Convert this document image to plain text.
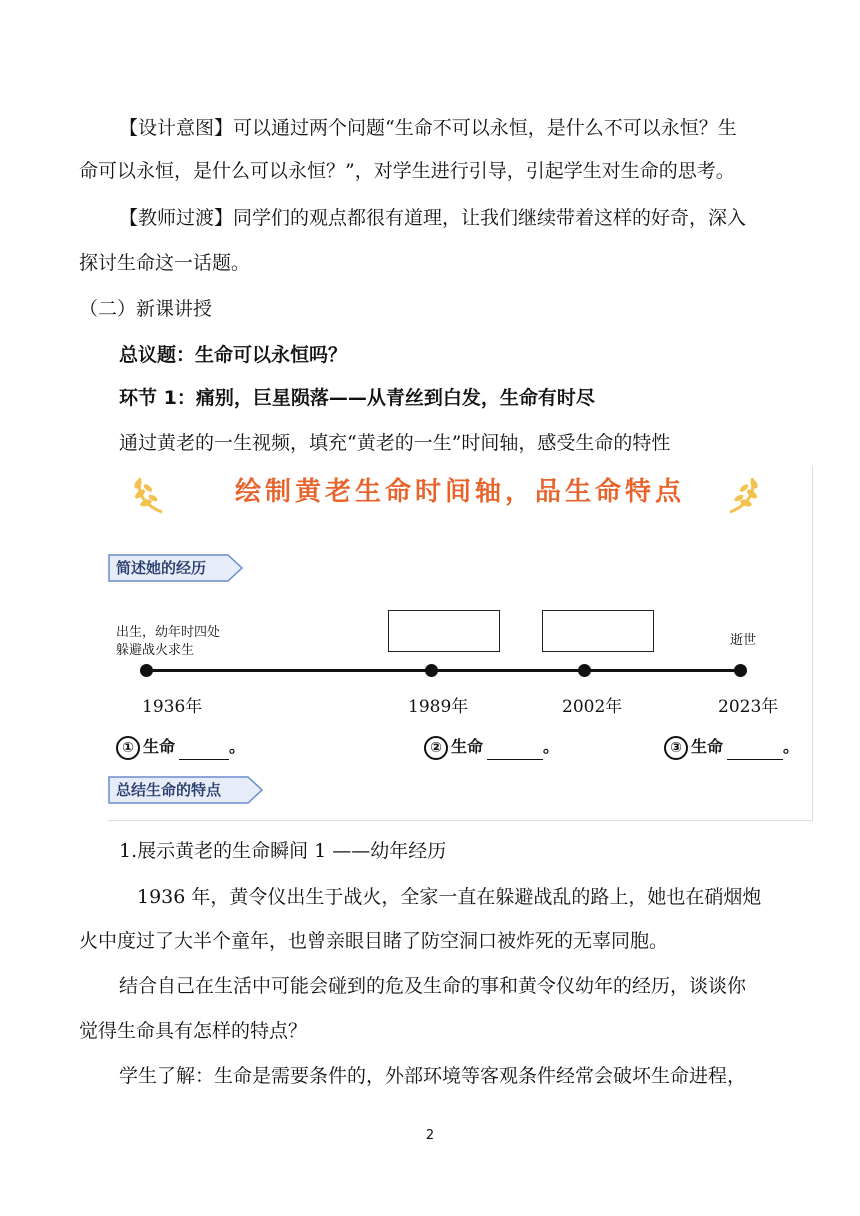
【设计意图】可以通过两个问题“生命不可以永恒，是什么不可以永恒？生
命可以永恒，是什么可以永恒？”，对学生进行引导，引起学生对生命的思考。
【教师过渡】同学们的观点都很有道理，让我们继续带着这样的好奇，深入
探讨生命这一话题。
（二）新课讲授
总议题：生命可以永恒吗？
环节 1：痛别，巨星陨落——从青丝到白发，生命有时尽
通过黄老的一生视频，填充“黄老的一生”时间轴，感受生命的特性
绘制黄老生命时间轴，品生命特点
简述她的经历
出生，幼年时四处
躲避战火求生
逝世
1936年	1989年	2002年	2023年
① 生命	。	② 生命	。	③ 生命	。
总结生命的特点
1.展示黄老的生命瞬间 1 ——幼年经历
1936 年，黄令仪出生于战火，全家一直在躲避战乱的路上，她也在硝烟炮
火中度过了大半个童年，也曾亲眼目睹了防空洞口被炸死的无辜同胞。
结合自己在生活中可能会碰到的危及生命的事和黄令仪幼年的经历，谈谈你
觉得生命具有怎样的特点？
学生了解：生命是需要条件的，外部环境等客观条件经常会破坏生命进程，
2
